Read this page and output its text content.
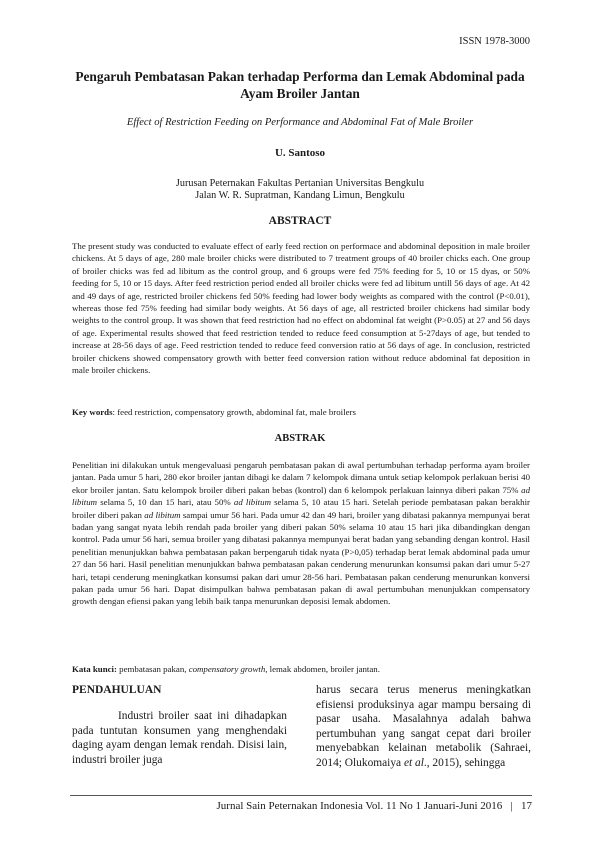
ISSN 1978-3000
Pengaruh Pembatasan Pakan terhadap Performa dan Lemak Abdominal pada
Ayam Broiler Jantan
Effect of Restriction Feeding on Performance and Abdominal Fat of Male Broiler
U. Santoso
Jurusan Peternakan Fakultas Pertanian Universitas Bengkulu
Jalan W. R. Supratman, Kandang Limun, Bengkulu
ABSTRACT
The present study was conducted to evaluate effect of early feed rection on performace and abdominal deposition in male broiler chickens. At 5 days of age, 280 male broiler chicks were distributed to 7 treatment groups of 40 broiler chicks each. One group of broiler chicks was fed ad libitum as the control group, and 6 groups were fed 75% feeding for 5, 10 or 15 dyas, or 50% feeding for 5, 10 or 15 days. After feed restriction period ended all broiler chicks were fed ad libitum untill 56 days of age. At 42 and 49 days of age, restricted broiler chickens fed 50% feeding had lower body weights as compared with the control (P<0.01), whereas those fed 75% feeding had similar body weights. At 56 days of age, all restricted broiler chickens had similar body weights to the control group. It was shown that feed restriction had no effect on abdominal fat weight (P>0.05) at 27 and 56 days of age. Experimental results showed that feed restriction tended to reduce feed consumption at 5-27days of age, but tended to increase at 28-56 days of age. Feed restriction tended to reduce feed conversion ratio at 56 days of age. In conclusion, restricted broiler chickens showed compensatory growth with better feed conversion ration without reduce abdominal fat deposition in male broiler chickens.
Key words: feed restriction, compensatory growth, abdominal fat, male broilers
ABSTRAK
Penelitian ini dilakukan untuk mengevaluasi pengaruh pembatasan pakan di awal pertumbuhan terhadap performa ayam broiler jantan. Pada umur 5 hari, 280 ekor broiler jantan dibagi ke dalam 7 kelompok dimana untuk setiap kelompok perlakuan berisi 40 ekor broiler jantan. Satu kelompok broiler diberi pakan bebas (kontrol) dan 6 kelompok perlakuan lainnya diberi pakan 75% ad libitum selama 5, 10 dan 15 hari, atau 50% ad libitum selama 5, 10 atau 15 hari. Setelah periode pembatasan pakan berakhir broiler diberi pakan ad libitum sampai umur 56 hari. Pada umur 42 dan 49 hari, broiler yang dibatasi pakannya mempunyai berat badan yang sangat nyata lebih rendah pada broiler yang diberi pakan 50% selama 10 atau 15 hari jika dibandingkan dengan kontrol. Pada umur 56 hari, semua broiler yang dibatasi pakannya mempunyai berat badan yang sebanding dengan kontrol. Hasil penelitian menunjukkan bahwa pembatasan pakan berpengaruh tidak nyata (P>0,05) terhadap berat lemak abdominal pada umur 27 dan 56 hari. Hasil penelitian menunjukkan bahwa pembatasan pakan cenderung menurunkan konsumsi pakan dari umur 5-27 hari, tetapi cenderung meningkatkan konsumsi pakan dari umur 28-56 hari. Pembatasan pakan cenderung menurunkan konversi pakan pada umur 56 hari. Dapat disimpulkan bahwa pembatasan pakan di awal pertumbuhan menunjukkan compensatory growth dengan efiensi pakan yang lebih baik tanpa menurunkan deposisi lemak abdomen.
Kata kunci: pembatasan pakan, compensatory growth, lemak abdomen, broiler jantan.
PENDAHULUAN
Industri broiler saat ini dihadapkan pada tuntutan konsumen yang menghendaki daging ayam dengan lemak rendah. Disisi lain, industri broiler juga
harus secara terus menerus meningkatkan efisiensi produksinya agar mampu bersaing di pasar usaha. Masalahnya adalah bahwa pertumbuhan yang sangat cepat dari broiler menyebabkan kelainan metabolik (Sahraei, 2014; Olukomaiya et al., 2015), sehingga
Jurnal Sain Peternakan Indonesia Vol. 11 No 1 Januari-Juni 2016 | 17
